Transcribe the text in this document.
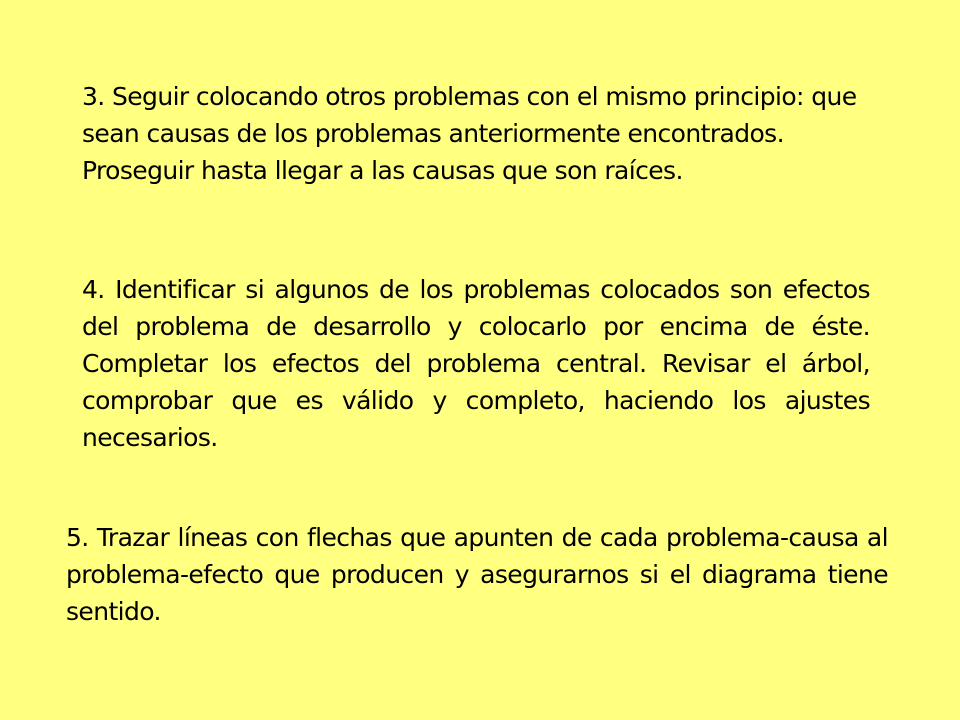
3. Seguir colocando otros problemas con el mismo principio: que sean causas de los problemas anteriormente encontrados. Proseguir hasta llegar a las causas que son raíces.

4. Identificar si algunos de los problemas colocados son efectos del problema de desarrollo y colocarlo por encima de éste. Completar los efectos del problema central. Revisar el árbol, comprobar que es válido y completo, haciendo los ajustes necesarios.

5. Trazar líneas con flechas que apunten de cada problema-causa al problema-efecto que producen y asegurarnos si el diagrama tiene sentido.
